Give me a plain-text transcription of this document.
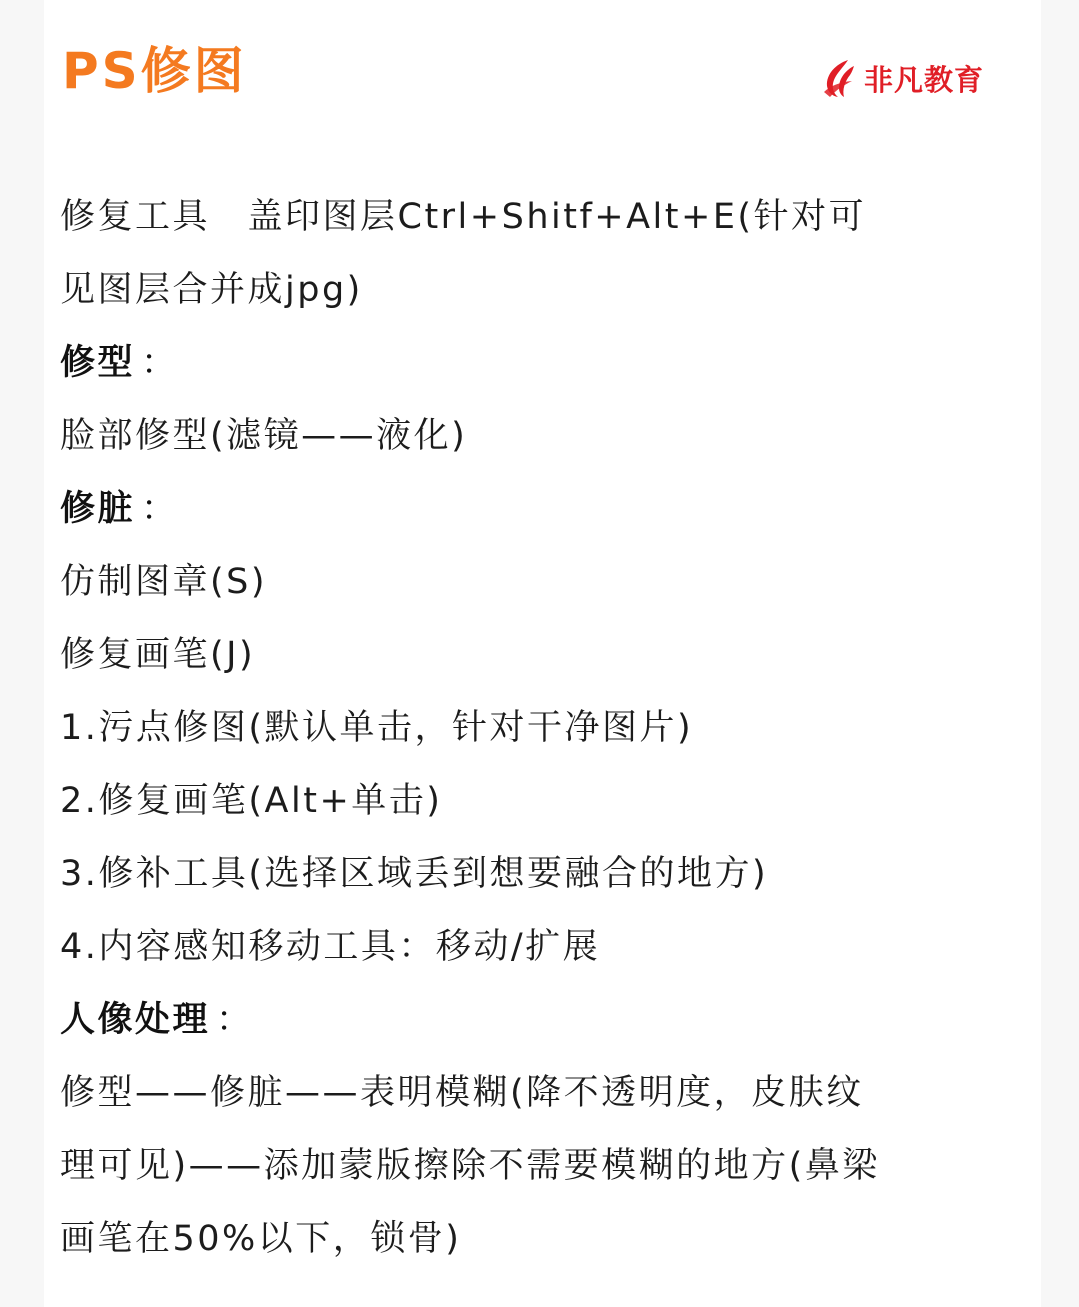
PS修图	非凡教育
修复工具　盖印图层Ctrl+Shitf+Alt+E(针对可
见图层合并成jpg)
修型 ：
脸部修型(滤镜——液化)
修脏 ：
仿制图章(S)
修复画笔(J)
1.污点修图(默认单击，针对干净图片)
2.修复画笔(Alt+单击)
3.修补工具(选择区域丢到想要融合的地方)
4.内容感知移动工具：移动/扩展
人像处理 ：
修型——修脏——表明模糊(降不透明度，皮肤纹
理可见)——添加蒙版擦除不需要模糊的地方(鼻梁
画笔在50%以下，锁骨)
